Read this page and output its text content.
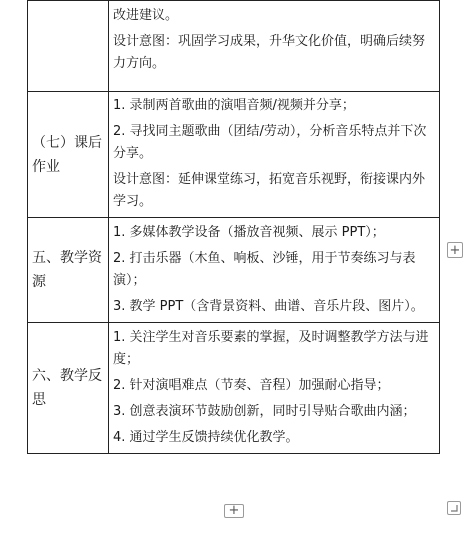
	改进建议。

设计意图：巩固学习成果，升华文化价值，明确后续努力方向。

（七）课后作业	1. 录制两首歌曲的演唱音频/视频并分享；

2. 寻找同主题歌曲（团结/劳动），分析音乐特点并下次分享。

设计意图：延伸课堂练习，拓宽音乐视野，衔接课内外学习。

五、教学资源	1. 多媒体教学设备（播放音视频、展示 PPT）；

2. 打击乐器（木鱼、响板、沙锤，用于节奏练习与表演）；

3. 教学 PPT（含背景资料、曲谱、音乐片段、图片）。

六、教学反思	1. 关注学生对音乐要素的掌握，及时调整教学方法与进度；

2. 针对演唱难点（节奏、音程）加强耐心指导；

3. 创意表演环节鼓励创新，同时引导贴合歌曲内涵；

4. 通过学生反馈持续优化教学。

+
+
